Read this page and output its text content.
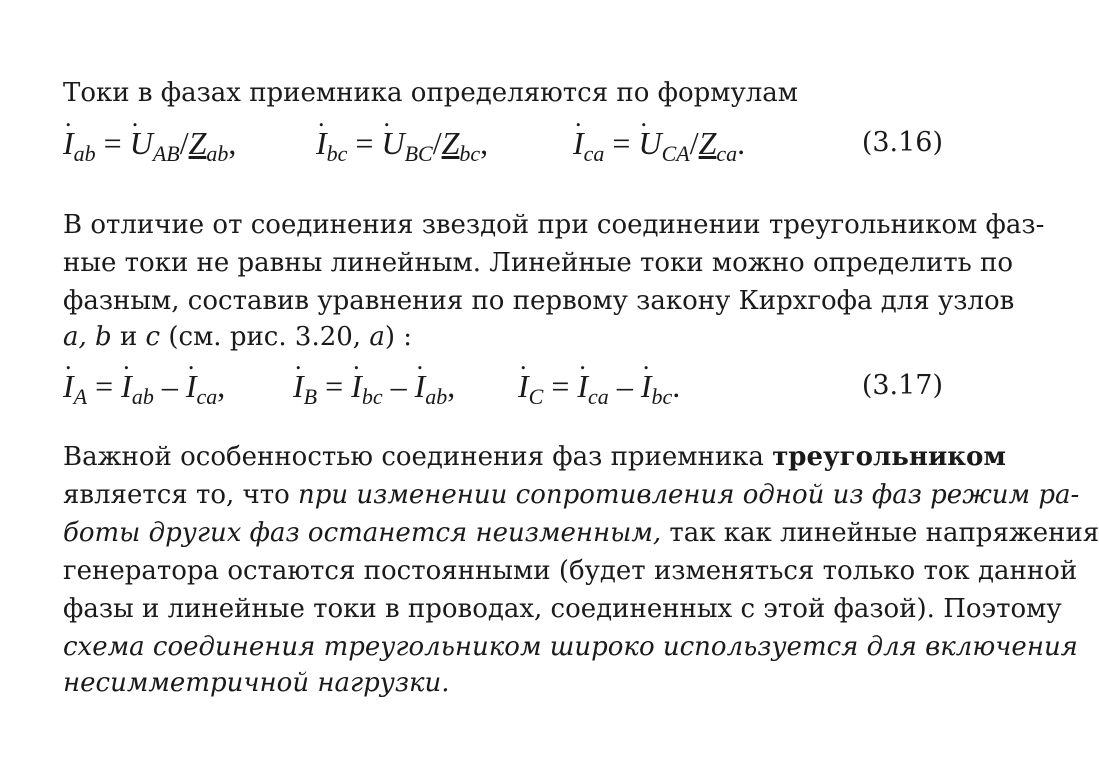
Токи в фазах приемника определяются по формулам
. $I_{ab}$ = . $U_{AB}/Z_{ab}$, . $I_{bc}$ = . $U_{BC}/Z_{bc}$,	. $I_{ca}$ = . $U_{CA}/Z_{ca}$.	(3.16)
В отличие от соединения звездой при соединении треугольником фаз-
ные токи не равны линейным. Линейные токи можно определить по
фазным, составив уравнения по первому закону Кирхгофа для узлов
a, b и c (см. рис. 3.20, a) :
. $I_A$ = . $I_{ab}$ – . $I_{ca}$, . $I_B$ = . $I_{bc}$ – . $I_{ab}$, . $I_C$ = . $I_{ca}$ – . $I_{bc}$.	(3.17)
Важной особенностью соединения фаз приемника треугольником
является то, что при изменении сопротивления одной из фаз режим ра-
боты других фаз останется неизменным, так как линейные напряжения
генератора остаются постоянными (будет изменяться только ток данной
фазы и линейные токи в проводах, соединенных с этой фазой). Поэтому
схема соединения треугольником широко используется для включения
несимметричной нагрузки.
